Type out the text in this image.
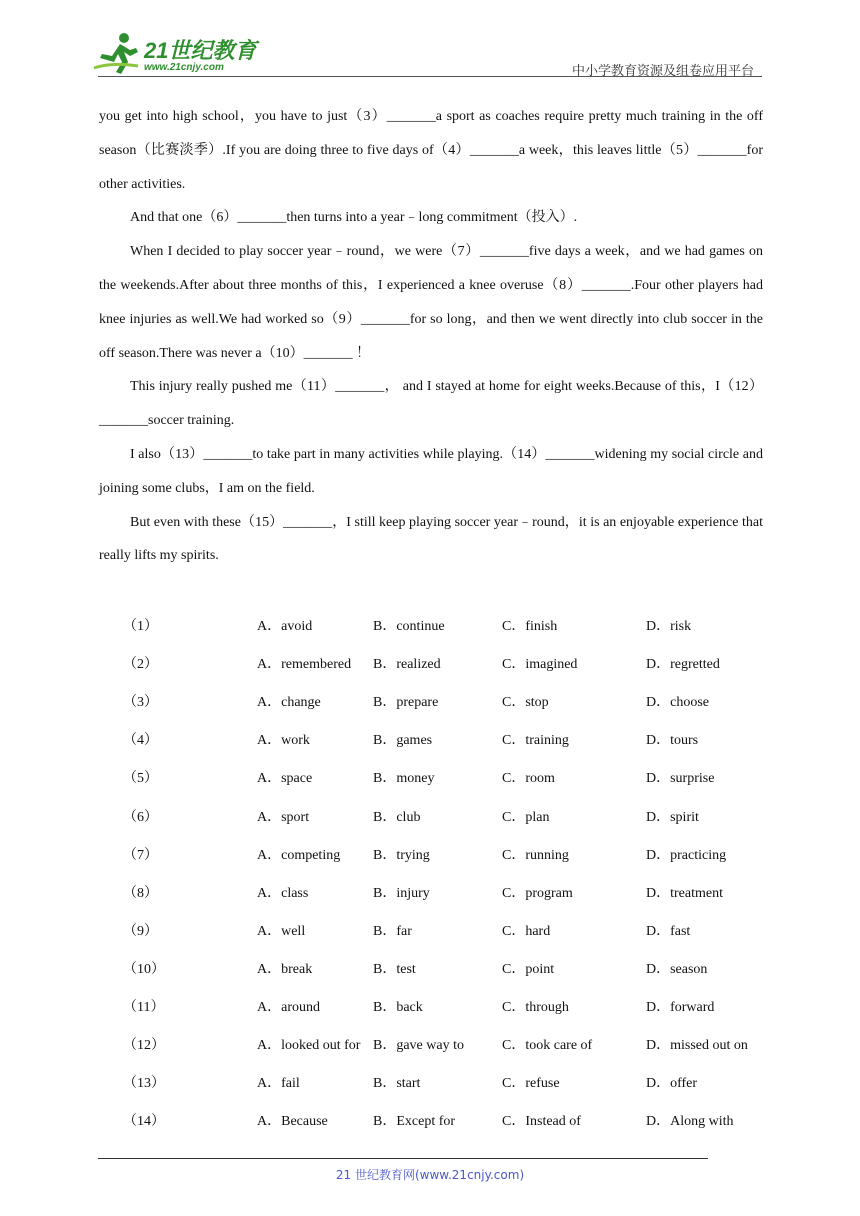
21世纪教育
www.21cnjy.com	中小学教育资源及组卷应用平台

you get into high school，you have to just（3）_______a sport as coaches require pretty much training in the off season（比赛淡季）.If you are doing three to five days of（4）_______a week，this leaves little（5）_______for other activities.

And that one（6）_______then turns into a year﹣long commitment（投入）.

When I decided to play soccer year﹣round，we were（7）_______five days a week，and we had games on the weekends.After about three months of this，I experienced a knee overuse（8）_______.Four other players had knee injuries as well.We had worked so（9）_______for so long，and then we went directly into club soccer in the off season.There was never a（10）_______ ！

This injury really pushed me（11）_______， and I stayed at home for eight weeks.Because of this，I（12）_______soccer training.

I also（13）_______to take part in many activities while playing.（14）_______widening my social circle and joining some clubs，I am on the field.

But even with these（15）_______，I still keep playing soccer year﹣round，it is an enjoyable experience that really lifts my spirits.

（1）	A．avoid	B．continue	C．finish	D．risk
（2）	A．remembered	B．realized	C．imagined	D．regretted
（3）	A．change	B．prepare	C．stop	D．choose
（4）	A．work	B．games	C．training	D．tours
（5）	A．space	B．money	C．room	D．surprise
（6）	A．sport	B．club	C．plan	D．spirit
（7）	A．competing	B．trying	C．running	D．practicing
（8）	A．class	B．injury	C．program	D．treatment
（9）	A．well	B．far	C．hard	D．fast
（10）	A．break	B．test	C．point	D．season
（11）	A．around	B．back	C．through	D．forward
（12）	A．looked out for	B．gave way to	C．took care of	D．missed out on
（13）	A．fail	B．start	C．refuse	D．offer
（14）	A．Because	B．Except for	C．Instead of	D．Along with
21 世纪教育网(www.21cnjy.com)
